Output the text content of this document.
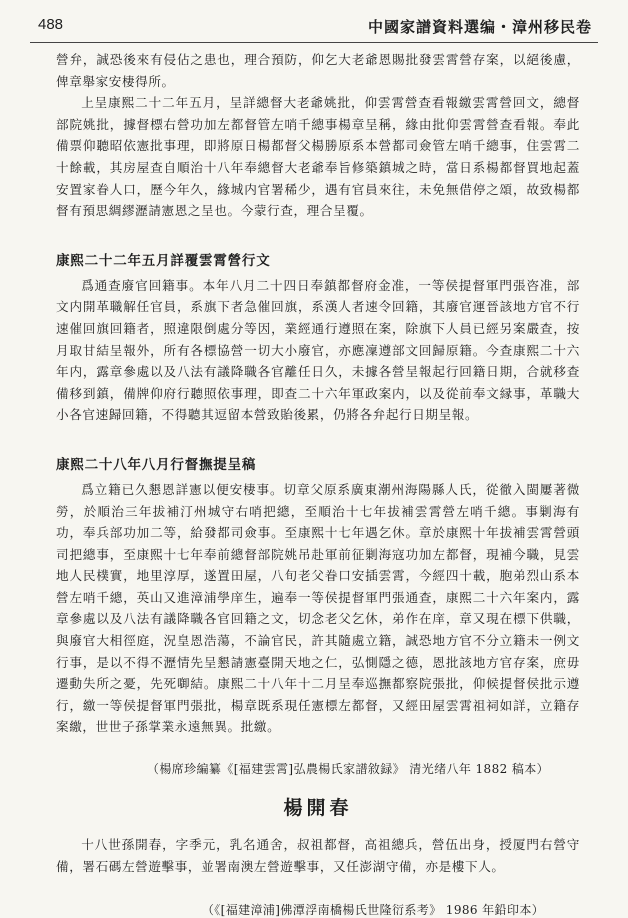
488	中國家譜資料選编・漳州移民卷

營弁，誠恐後來有侵佔之患也，理合預防，仰乞大老爺恩賜批發雲霄營存案，以絕後慮，俾章舉家安棲得所。

上呈康熙二十二年五月，呈詳總督大老爺姚批，仰雲霄營查看報繳雲霄營回文，總督部院姚批，據督標右營功加左都督管左哨千總事楊章呈稱，緣由批仰雲霄營查看報。奉此備票仰聽昭依憲批事理，即將原日楊都督父楊勝原系本營都司僉管左哨千總事，住雲霄二十餘載，其房屋查自順治十八年奉總督大老爺奉旨修築鎮城之時，當日系楊都督買地起蓋安置家眷人口，歷今年久，緣城内官署稀少，遇有官員來往，未免無借停之頌，故致楊都督有預思綢繆瀝請憲恩之呈也。今蒙行查，理合呈覆。

康熙二十二年五月詳覆雲霄營行文

爲通查廢官回籍事。本年八月二十四日奉鎮都督府金准，一等侯提督軍門張咨准，部文内開革職解任官員，系旗下者急催回旗，系漢人者速令回籍，其廢官運晉該地方官不行速催回旗回籍者，照違限倒處分等因，業經通行遵照在案，除旗下人員已經另案嚴查，按月取甘結呈報外，所有各標協營一切大小廢官，亦應凜遵部文回歸原籍。今查康熙二十六年内，露章參處以及八法有議降職各官離任日久，未據各營呈報起行回籍日期，合就移查備移到鎮，備牌仰府行聽照依事理，即查二十六年軍政案内，以及從前奉文縁事，革職大小各官速歸回籍，不得聽其逗留本營致貽後累，仍將各弁起行日期呈報。

康熙二十八年八月行督撫提呈稿

爲立籍已久懇恩詳憲以便安棲事。切章父原系廣東潮州海陽縣人氏，從徹入閩屢著微勞，於順治三年拔補汀州城守右哨把總，至順治十七年拔補雲霄營左哨千總。事剿海有功，奉兵部功加二等，給發都司僉事。至康熙十七年遇乞休。章於康熙十年拔補雲霄營頭司把總事，至康熙十七年奉前總督部院姚吊赴軍前征剿海寇功加左都督，現補今職，見雲地人民樸實，地里淳厚，遂置田屋，八旬老父眷口安插雲霄，今經四十載，胞弟烈山系本營左哨千總，英山又進漳浦學庠生，遍奉一等侯提督軍門張通查，康熙二十六年案内，露章參處以及八法有議降職各官回籍之文，切念老父乞休，弟作在庠，章又現在標下供職，與廢官大相徑庭，況皇恩浩蕩，不論官民，許其隨處立籍，誠恐地方官不分立籍未一例文行事，是以不得不瀝情先呈懇請憲臺開天地之仁，弘惻隱之德，恩批該地方官存案，庶毋遷動失所之憂，先死啣結。康熙二十八年十二月呈奉巡撫都察院張批，仰候提督侯批示遵行，繳一等侯提督軍門張批，楊章既系現任憲標左都督，又經田屋雲霄祖祠如詳，立籍存案繳，世世子孫掌業永遠無異。批繳。

（楊席珍編纂《[福建雲霄]弘農楊氏家譜敘録》 清光绪八年 1882 稿本）

楊開春

十八世孫開春，字季元，乳名通舍，叔祖都督，高祖總兵，營伍出身，授厦門右營守備，署石碼左營遊擊事，並署南澳左營遊擊事，又任澎湖守備，亦是樓下人。

（《[福建漳浦]佛潭浮南橋楊氏世隆衍系考》 1986 年鉛印本）
